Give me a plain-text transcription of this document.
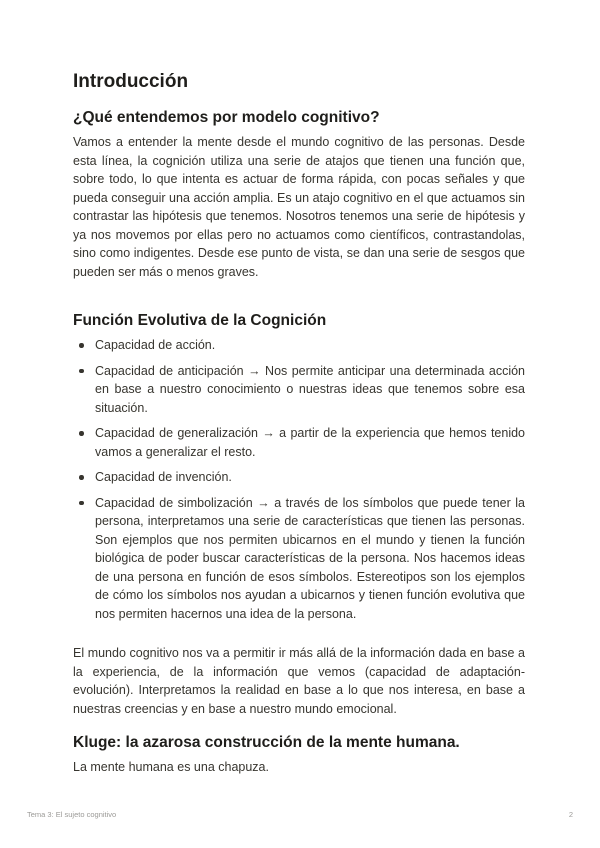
Introducción
¿Qué entendemos por modelo cognitivo?

Vamos a entender la mente desde el mundo cognitivo de las personas. Desde esta línea, la cognición utiliza una serie de atajos que tienen una función que, sobre todo, lo que intenta es actuar de forma rápida, con pocas señales y que pueda conseguir una acción amplia. Es un atajo cognitivo en el que actuamos sin contrastar las hipótesis que tenemos. Nosotros tenemos una serie de hipótesis y ya nos movemos por ellas pero no actuamos como científicos, contrastandolas, sino como indigentes. Desde ese punto de vista, se dan una serie de sesgos que pueden ser más o menos graves.

Función Evolutiva de la Cognición
Capacidad de acción.
Capacidad de anticipación → Nos permite anticipar una determinada acción en base a nuestro conocimiento o nuestras ideas que tenemos sobre esa situación.
Capacidad de generalización → a partir de la experiencia que hemos tenido vamos a generalizar el resto.
Capacidad de invención.
Capacidad de simbolización → a través de los símbolos que puede tener la persona, interpretamos una serie de características que tienen las personas. Son ejemplos que nos permiten ubicarnos en el mundo y tienen la función biológica de poder buscar características de la persona. Nos hacemos ideas de una persona en función de esos símbolos. Estereotipos son los ejemplos de cómo los símbolos nos ayudan a ubicarnos y tienen función evolutiva que nos permiten hacernos una idea de la persona.

El mundo cognitivo nos va a permitir ir más allá de la información dada en base a la experiencia, de la información que vemos (capacidad de adaptación-evolución). Interpretamos la realidad en base a lo que nos interesa, en base a nuestras creencias y en base a nuestro mundo emocional.

Kluge: la azarosa construcción de la mente humana.

La mente humana es una chapuza.

Tema 3: El sujeto cognitivo	2
